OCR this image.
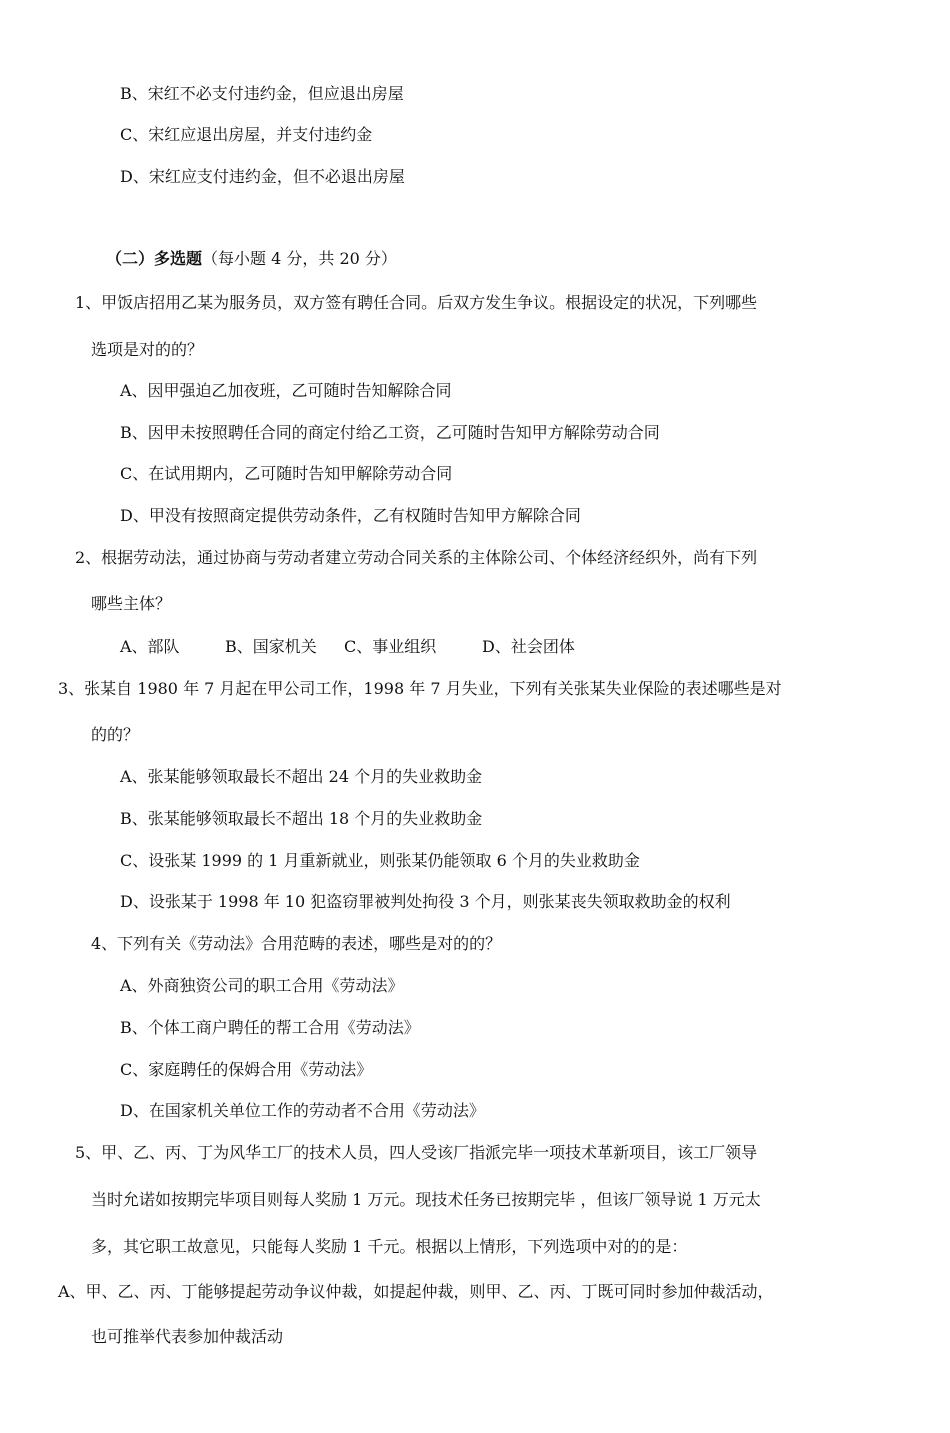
B、宋红不必支付违约金，但应退出房屋
C、宋红应退出房屋，并支付违约金
D、宋红应支付违约金，但不必退出房屋
（二）多选题（每小题 4 分，共 20 分）
1、甲饭店招用乙某为服务员，双方签有聘任合同。后双方发生争议。根据设定的状况，下列哪些
选项是对的的？
A、因甲强迫乙加夜班，乙可随时告知解除合同
B、因甲未按照聘任合同的商定付给乙工资，乙可随时告知甲方解除劳动合同
C、在试用期内，乙可随时告知甲解除劳动合同
D、甲没有按照商定提供劳动条件，乙有权随时告知甲方解除合同
2、根据劳动法，通过协商与劳动者建立劳动合同关系的主体除公司、个体经济经织外，尚有下列
哪些主体？
A、部队	B、国家机关 C、事业组织	D、社会团体
3、张某自 1980 年 7 月起在甲公司工作，1998 年 7 月失业，下列有关张某失业保险的表述哪些是对
的的？
A、张某能够领取最长不超出 24 个月的失业救助金
B、张某能够领取最长不超出 18 个月的失业救助金
C、设张某 1999 的 1 月重新就业，则张某仍能领取 6 个月的失业救助金
D、设张某于 1998 年 10 犯盗窃罪被判处拘役 3 个月，则张某丧失领取救助金的权利
4、下列有关《劳动法》合用范畴的表述，哪些是对的的？
A、外商独资公司的职工合用《劳动法》
B、个体工商户聘任的帮工合用《劳动法》
C、家庭聘任的保姆合用《劳动法》
D、在国家机关单位工作的劳动者不合用《劳动法》
5、甲、乙、丙、丁为风华工厂的技术人员，四人受该厂指派完毕一项技术革新项目，该工厂领导
当时允诺如按期完毕项目则每人奖励 1 万元。现技术任务已按期完毕 ，但该厂领导说 1 万元太
多，其它职工故意见，只能每人奖励 1 千元。根据以上情形，下列选项中对的的是：
A、甲、乙、丙、丁能够提起劳动争议仲裁，如提起仲裁，则甲、乙、丙、丁既可同时参加仲裁活动，
也可推举代表参加仲裁活动
